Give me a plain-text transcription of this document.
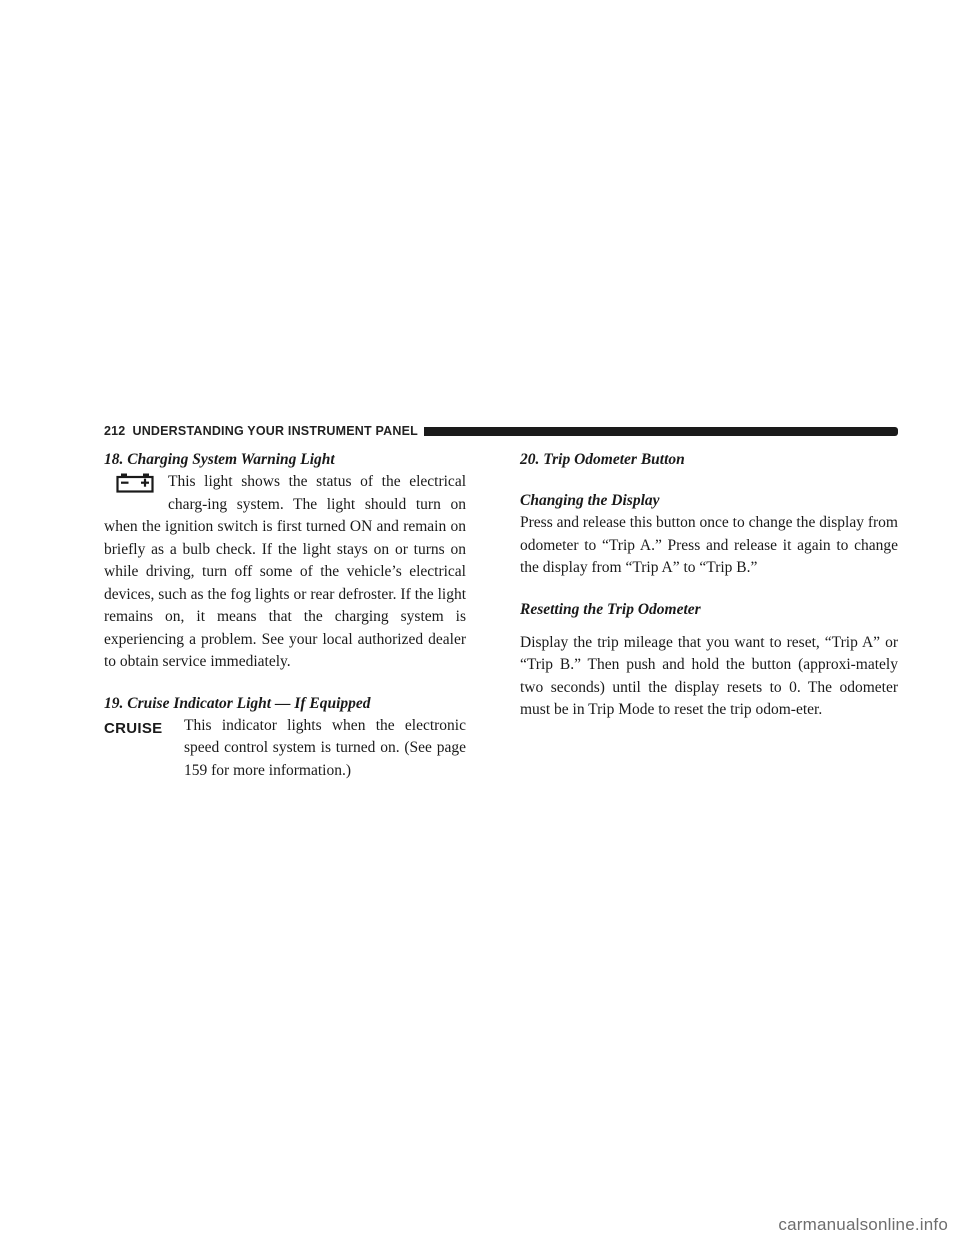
212 UNDERSTANDING YOUR INSTRUMENT PANEL
18. Charging System Warning Light

This light shows the status of the electrical charg-ing system. The light should turn on when the ignition switch is first turned ON and remain on briefly as a bulb check. If the light stays on or turns on while driving, turn off some of the vehicle’s electrical devices, such as the fog lights or rear defroster. If the light remains on, it means that the charging system is experiencing a problem. See your local authorized dealer to obtain service immediately.

19. Cruise Indicator Light — If Equipped
CRUISE	This indicator lights when the electronic speed control system is turned on. (See page 159 for more information.)

20. Trip Odometer Button
Changing the Display

Press and release this button once to change the display from odometer to “Trip A.” Press and release it again to change the display from “Trip A” to “Trip B.”

Resetting the Trip Odometer

Display the trip mileage that you want to reset, “Trip A” or “Trip B.” Then push and hold the button (approxi-mately two seconds) until the display resets to 0. The odometer must be in Trip Mode to reset the trip odom-eter.

carmanualsonline.info
